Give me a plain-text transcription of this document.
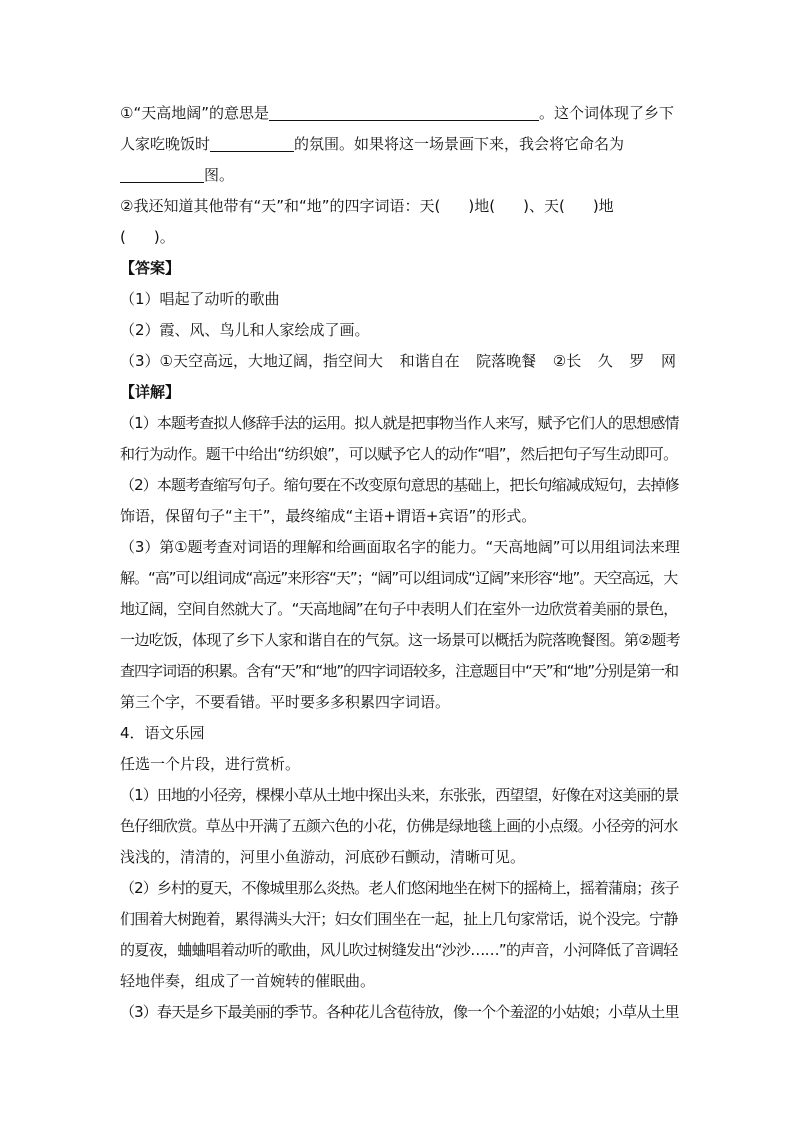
①“天高地阔”的意思是	。这个词体现了乡下
人家吃晚饭时	的氛围。如果将这一场景画下来，我会将它命名为
图。
②我还知道其他带有“天”和“地”的四字词语：天( )地( )、天( )地
( )。
【答案】
（1）唱起了动听的歌曲
（2）霞、风、鸟儿和人家绘成了画。
（3）①天空高远，大地辽阔，指空间大 和谐自在 院落晚餐 ②长 久 罗 网
【详解】
（1）本题考查拟人修辞手法的运用。拟人就是把事物当作人来写，赋予它们人的思想感情
和行为动作。题干中给出“纺织娘”，可以赋予它人的动作“唱”，然后把句子写生动即可。
（2）本题考查缩写句子。缩句要在不改变原句意思的基础上，把长句缩减成短句，去掉修
饰语，保留句子“主干”，最终缩成“主语+谓语+宾语”的形式。
（3）第①题考查对词语的理解和给画面取名字的能力。“天高地阔”可以用组词法来理
解。“高”可以组词成“高远”来形容“天”；“阔”可以组词成“辽阔”来形容“地”。天空高远，大
地辽阔，空间自然就大了。“天高地阔”在句子中表明人们在室外一边欣赏着美丽的景色，
一边吃饭，体现了乡下人家和谐自在的气氛。这一场景可以概括为院落晚餐图。第②题考
查四字词语的积累。含有“天”和“地”的四字词语较多，注意题目中“天”和“地”分别是第一和
第三个字，不要看错。平时要多多积累四字词语。
4．语文乐园
任选一个片段，进行赏析。
（1）田地的小径旁，棵棵小草从土地中探出头来，东张张，西望望，好像在对这美丽的景
色仔细欣赏。草丛中开满了五颜六色的小花，仿佛是绿地毯上画的小点缀。小径旁的河水
浅浅的，清清的，河里小鱼游动，河底砂石颤动，清晰可见。
（2）乡村的夏天，不像城里那么炎热。老人们悠闲地坐在树下的摇椅上，摇着蒲扇；孩子
们围着大树跑着，累得满头大汗；妇女们围坐在一起，扯上几句家常话，说个没完。宁静
的夏夜，蛐蛐唱着动听的歌曲，风儿吹过树缝发出“沙沙……”的声音，小河降低了音调轻
轻地伴奏，组成了一首婉转的催眠曲。
（3）春天是乡下最美丽的季节。各种花儿含苞待放，像一个个羞涩的小姑娘；小草从土里
